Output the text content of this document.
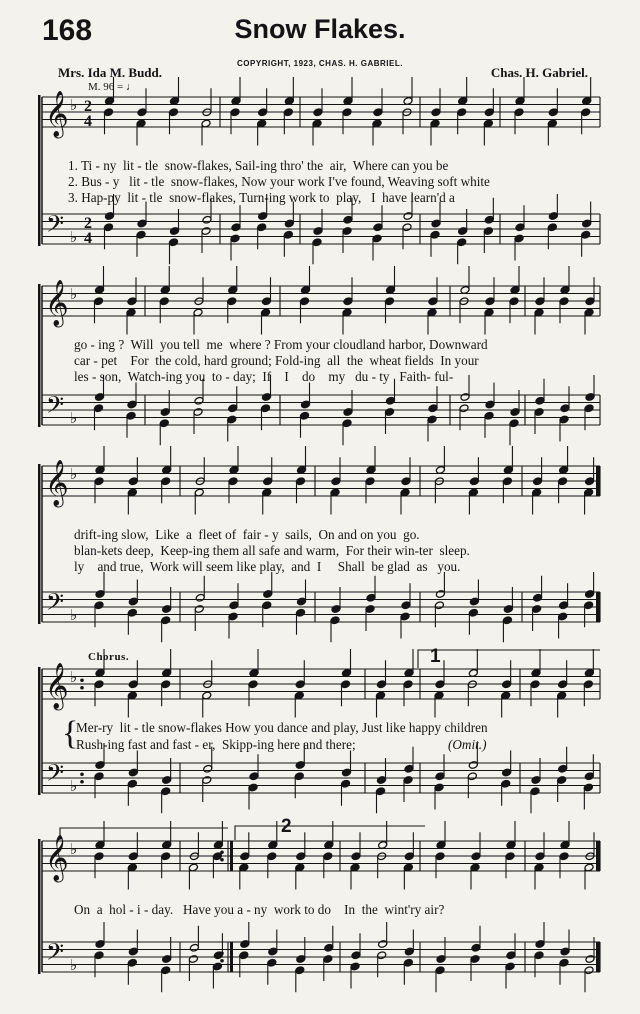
168	Snow Flakes.
Mrs. Ida M. Budd.
COPYRIGHT, 1923, CHAS. H. GABRIEL.
Chas. H. Gabriel.
M. 96 = ♩
Chorus.
𝄞
𝄢
♭
♭
2
4
2
4
𝄞
𝄢
♭
♭
𝄞
𝄢
♭
♭
𝄞
𝄢
♭
♭
𝄞
𝄢
♭
♭
1. Ti - ny  lit - tle  snow-flakes, Sail-ing thro' the  air,  Where can you be
2. Bus - y   lit - tle  snow-flakes, Now your work I've found, Weaving soft white
3. Hap-py  lit - tle  snow-flakes, Turn-ing work to  play,   I  have learn'd a
go - ing ?  Will  you tell  me  where ? From your cloudland harbor, Downward
car - pet    For  the cold, hard ground; Fold-ing  all  the  wheat fields  In your
les - son,  Watch-ing you  to - day;  If    I    do    my   du - ty   Faith- ful-
drift-ing slow,  Like  a  fleet of  fair - y  sails,  On and on you  go.
blan-kets deep,  Keep-ing them all safe and warm,  For their win-ter  sleep.
ly    and true,  Work will seem like play,  and  I     Shall  be glad  as   you.
{
Mer-ry  lit - tle snow-flakes How you dance and play, Just like happy children
Rush-ing fast and fast - er,  Skipp-ing here and there;	(Omit.)
On  a  hol - i - day.   Have you a - ny  work to do    In  the  wint'ry air?
1
2
